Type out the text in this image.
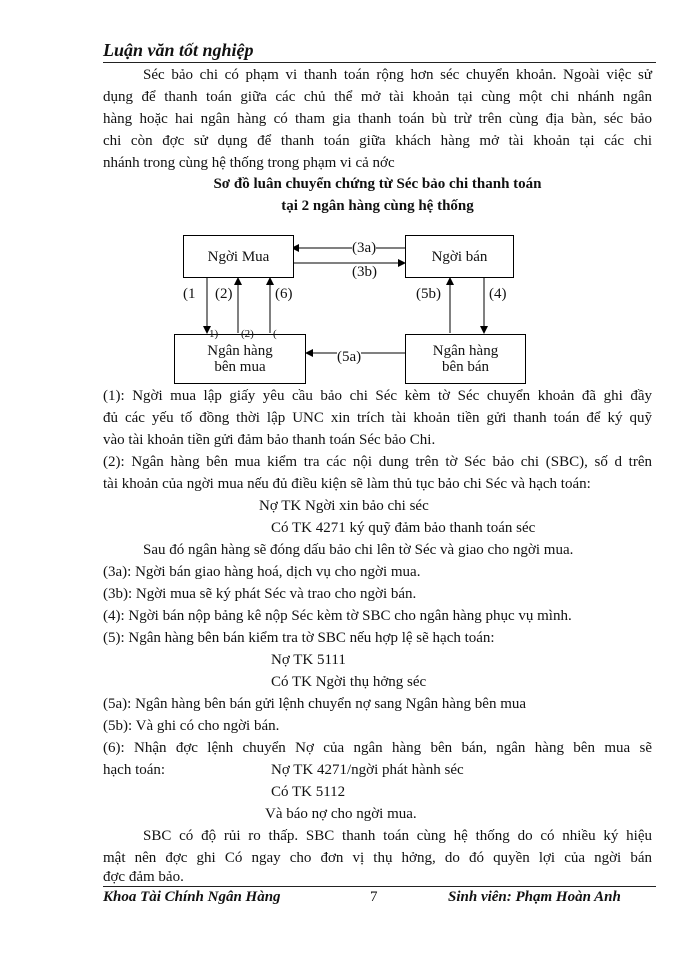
Luận văn tốt nghiệp

Séc bảo chi có phạm vi thanh toán rộng hơn séc chuyển khoản. Ngoài việc sử

dụng để thanh toán giữa các chủ thể mở tài khoản tại cùng một chi nhánh ngân

hàng hoặc hai ngân hàng có tham gia thanh toán bù trừ trên cùng địa bàn, séc bảo

chi còn đợc sử dụng để thanh toán giữa khách hàng mở tài khoản tại các chi

nhánh trong cùng hệ thống trong phạm vi cả nớc

Sơ đồ luân chuyển chứng từ Séc bảo chi thanh toán
tại 2 ngân hàng cùng hệ thống
Ngời Mua	Ngời bán
Ngân hàng
bên mua
Ngân hàng
bên bán
(3a)
(3b)
(1 (2)	(6)	(5b)	(4)
(5a)
1) (2) (

(1): Ngời mua lập giấy yêu cầu bảo chi Séc kèm tờ Séc chuyển khoản đã ghi đầy

đủ các yếu tố đồng thời lập UNC xin trích tài khoản tiền gửi thanh toán để ký quỹ

vào tài khoản tiền gửi đảm bảo thanh toán Séc bảo Chi.

(2): Ngân hàng bên mua kiểm tra các nội dung trên tờ Séc bảo chi (SBC), số d trên

tài khoản của ngời mua nếu đủ điều kiện sẽ làm thủ tục bảo chi Séc và hạch toán:

Nợ TK Ngời xin bảo chi séc
Có TK 4271 ký quỹ đảm bảo thanh toán séc

Sau đó ngân hàng sẽ đóng dấu bảo chi lên tờ Séc và giao cho ngời mua.

(3a): Ngời bán giao hàng hoá, dịch vụ cho ngời mua.

(3b): Ngời mua sẽ ký phát Séc và trao cho ngời bán.

(4): Ngời bán nộp bảng kê nộp Séc kèm tờ SBC cho ngân hàng phục vụ mình.

(5): Ngân hàng bên bán kiểm tra tờ SBC nếu hợp lệ sẽ hạch toán:

Nợ TK 5111
Có TK Ngời thụ hởng séc

(5a): Ngân hàng bên bán gửi lệnh chuyển nợ sang Ngân hàng bên mua

(5b): Và ghi có cho ngời bán.

(6): Nhận đợc lệnh chuyển Nợ của ngân hàng bên bán, ngân hàng bên mua sẽ

hạch toán:	Nợ TK 4271/ngời phát hành séc
Có TK 5112
Và báo nợ cho ngời mua.

SBC có độ rủi ro thấp. SBC thanh toán cùng hệ thống do có nhiều ký hiệu

mật nên đợc ghi Có ngay cho đơn vị thụ hởng, do đó quyền lợi của ngời bán

đợc đảm bảo.

Khoa Tài Chính Ngân Hàng	7	Sinh viên: Phạm Hoàn Anh
